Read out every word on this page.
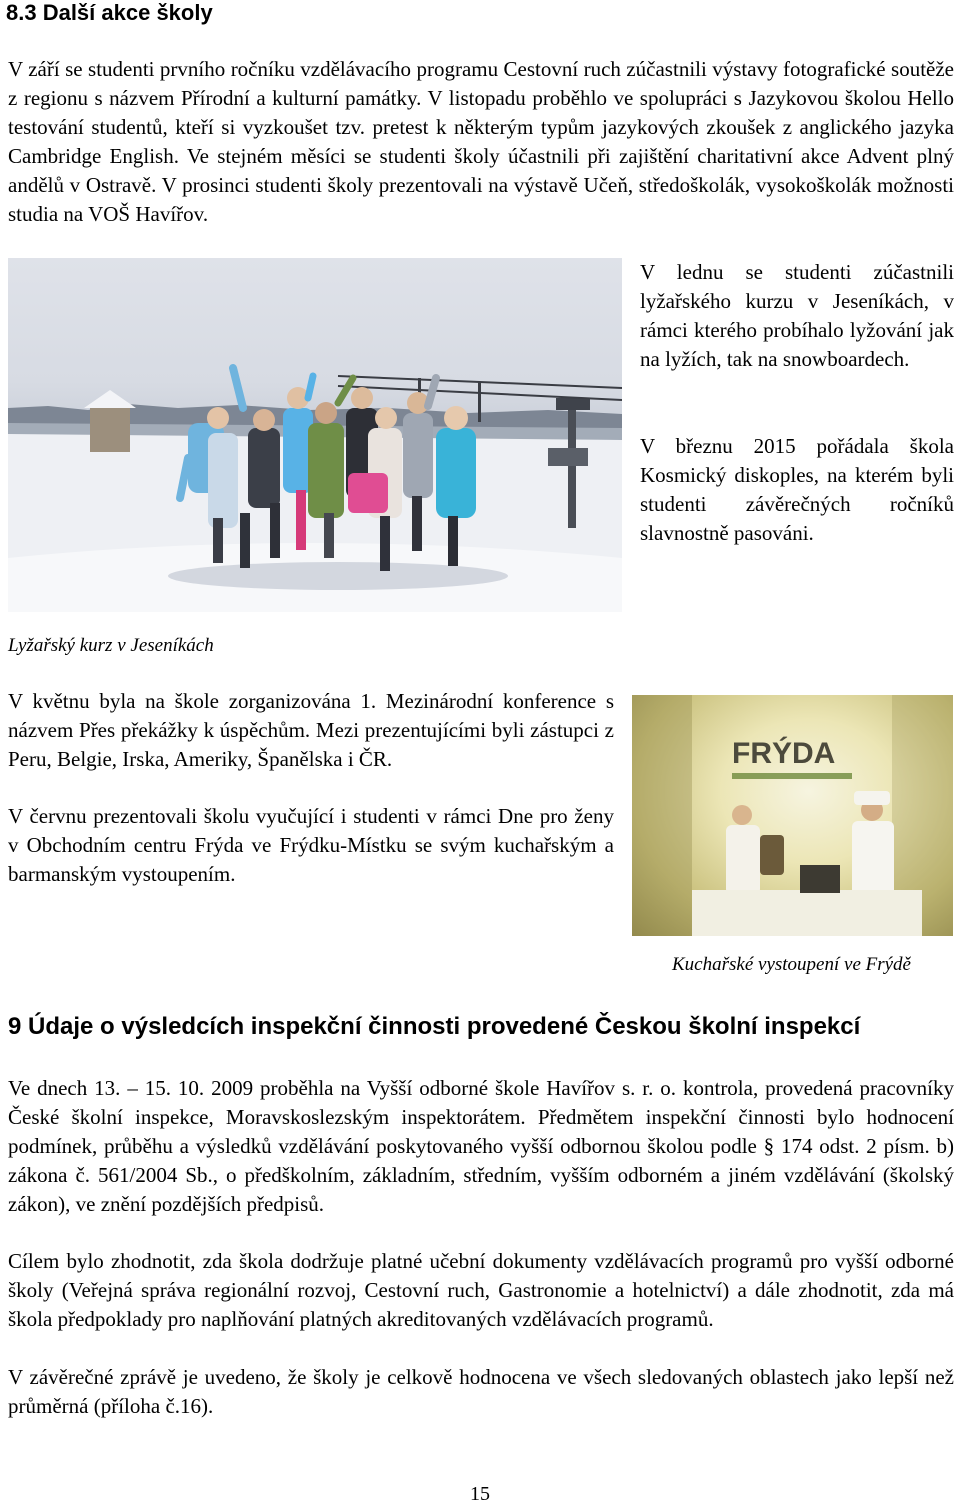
8.3 Další akce školy

V září se studenti prvního ročníku vzdělávacího programu Cestovní ruch zúčastnili výstavy fotografické soutěže z regionu s názvem Přírodní a kulturní památky. V listopadu proběhlo ve spolupráci s Jazykovou školou Hello testování studentů, kteří si vyzkoušet tzv. pretest k některým typům jazykových zkoušek z anglického jazyka Cambridge English. Ve stejném měsíci se studenti školy účastnili při zajištění charitativní akce Advent plný andělů v Ostravě. V prosinci studenti školy prezentovali na výstavě Učeň, středoškolák, vysokoškolák možnosti studia na VOŠ Havířov.

V lednu se studenti zúčastnili lyžařského kurzu v Jeseníkách, v rámci kterého probíhalo lyžování jak na lyžích, tak na snowboardech.

V březnu 2015 pořádala škola Kosmický diskoples, na kterém byli studenti závěrečných ročníků slavnostně pasováni.

Lyžařský kurz v Jeseníkách

V květnu byla na škole zorganizována 1. Mezinárodní konference s názvem Přes překážky k úspěchům. Mezi prezentujícími byli zástupci z Peru, Belgie, Irska, Ameriky, Španělska i ČR.

V červnu prezentovali školu vyučující i studenti v rámci Dne pro ženy v Obchodním centru Frýda ve Frýdku-Místku se svým kuchařským a barmanským vystoupením.

FRÝDA
Kuchařské vystoupení ve Frýdě
9 Údaje o výsledcích inspekční činnosti provedené Českou školní inspekcí

Ve dnech 13. – 15. 10. 2009 proběhla na Vyšší odborné škole Havířov s. r. o. kontrola, provedená pracovníky České školní inspekce, Moravskoslezským inspektorátem. Předmětem inspekční činnosti bylo hodnocení podmínek, průběhu a výsledků vzdělávání poskytovaného vyšší odbornou školou podle § 174 odst. 2 písm. b) zákona č. 561/2004 Sb., o předškolním, základním, středním, vyšším odborném a jiném vzdělávání (školský zákon), ve znění pozdějších předpisů.

Cílem bylo zhodnotit, zda škola dodržuje platné učební dokumenty vzdělávacích programů pro vyšší odborné školy (Veřejná správa regionální rozvoj, Cestovní ruch, Gastronomie a hotelnictví) a dále zhodnotit, zda má škola předpoklady pro naplňování platných akreditovaných vzdělávacích programů.

V závěrečné zprávě je uvedeno, že školy je celkově hodnocena ve všech sledovaných oblastech jako lepší než průměrná (příloha č.16).

15
